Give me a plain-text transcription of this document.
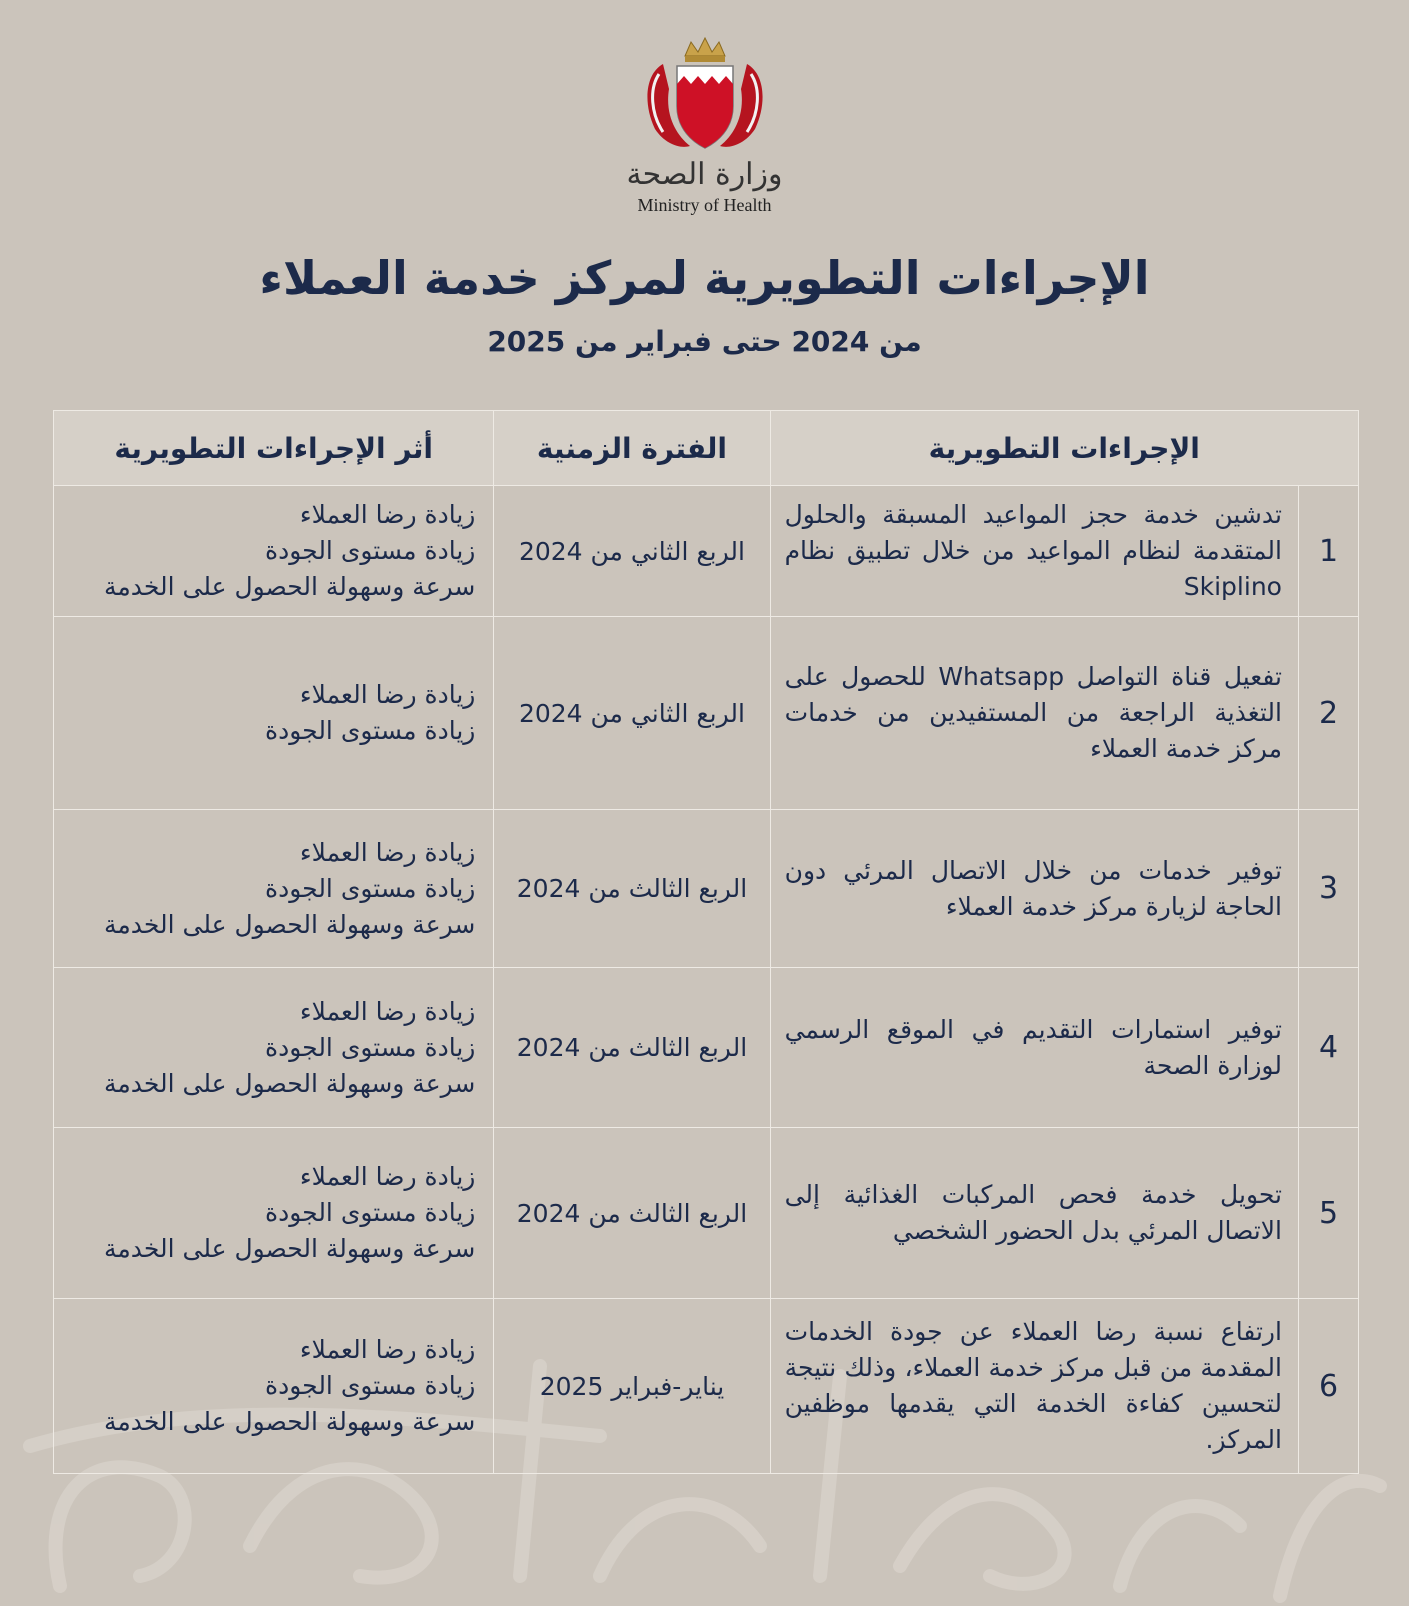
وزارة الصحة
Ministry of Health
الإجراءات التطويرية لمركز خدمة العملاء
من 2024 حتى فبراير من 2025
الإجراءات التطويرية		الفترة الزمنية	أثر الإجراءات التطويرية
1	تدشين خدمة حجز المواعيد المسبقة والحلول المتقدمة لنظام المواعيد من خلال تطبيق نظام Skiplino	الربع الثاني من 2024	زيادة رضا العملاء
زيادة مستوى الجودة
سرعة وسهولة الحصول على الخدمة

2	تفعيل قناة التواصل Whatsapp للحصول على التغذية الراجعة من المستفيدين من خدمات مركز خدمة العملاء	الربع الثاني من 2024	زيادة رضا العملاء
زيادة مستوى الجودة

3	توفير خدمات من خلال الاتصال المرئي دون الحاجة لزيارة مركز خدمة العملاء	الربع الثالث من 2024	زيادة رضا العملاء
زيادة مستوى الجودة
سرعة وسهولة الحصول على الخدمة

4	توفير استمارات التقديم في الموقع الرسمي لوزارة الصحة	الربع الثالث من 2024	زيادة رضا العملاء
زيادة مستوى الجودة
سرعة وسهولة الحصول على الخدمة

5	تحويل خدمة فحص المركبات الغذائية إلى الاتصال المرئي بدل الحضور الشخصي	الربع الثالث من 2024	زيادة رضا العملاء
زيادة مستوى الجودة
سرعة وسهولة الحصول على الخدمة

6	ارتفاع نسبة رضا العملاء عن جودة الخدمات المقدمة من قبل مركز خدمة العملاء، وذلك نتيجة لتحسين كفاءة الخدمة التي يقدمها موظفين المركز.	يناير-فبراير 2025	زيادة رضا العملاء
زيادة مستوى الجودة
سرعة وسهولة الحصول على الخدمة
